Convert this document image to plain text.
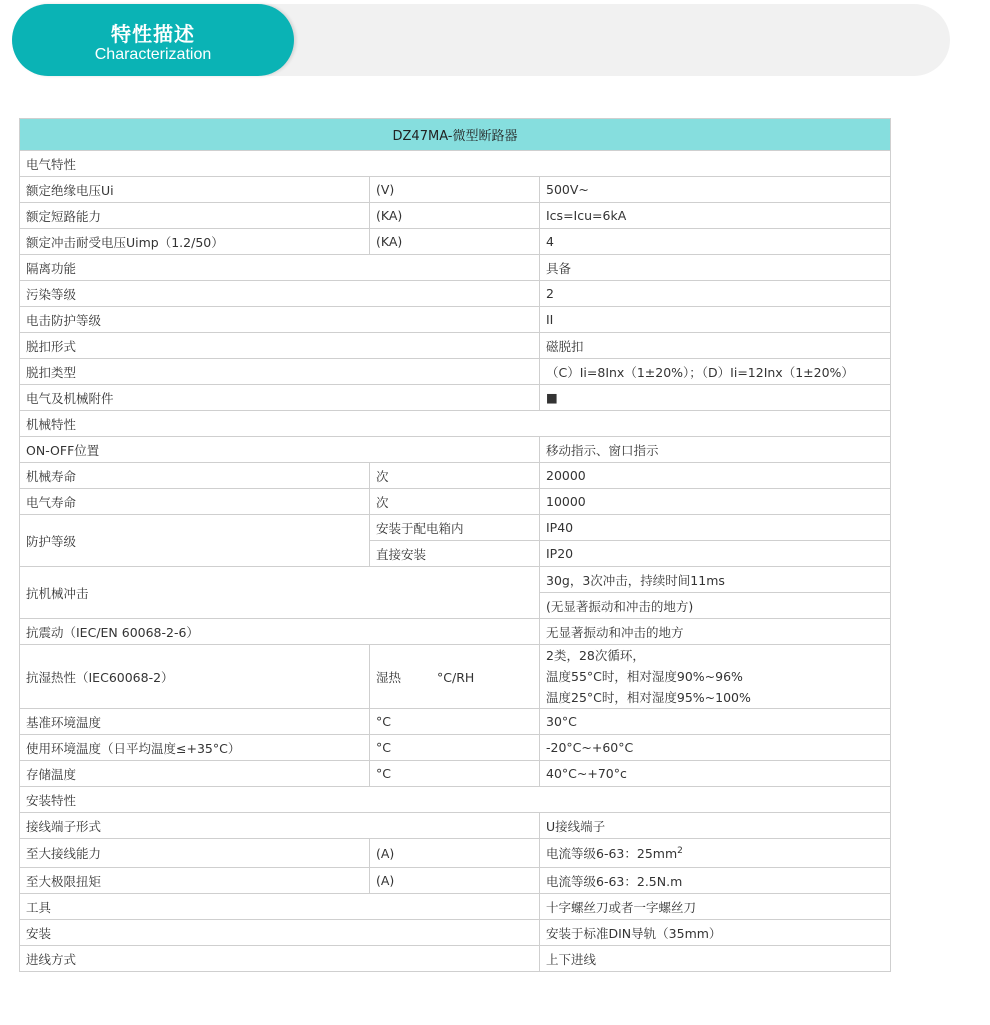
特性描述
Characterization
DZ47MA-微型断路器		
电气特性		
额定绝缘电压Ui	(V)	500V~
额定短路能力	(KA)	Ics=Icu=6kA
额定冲击耐受电压Uimp（1.2/50）	(KA)	4
隔离功能		具备
污染等级		2
电击防护等级		II
脱扣形式		磁脱扣
脱扣类型		（C）Ii=8Inx（1±20%）；（D）Ii=12Inx（1±20%）
电气及机械附件		■
机械特性		
ON-OFF位置		移动指示、窗口指示
机械寿命	次	20000
电气寿命	次	10000
防护等级	安装于配电箱内	IP40
	直接安装	IP20
抗机械冲击		30g，3次冲击，持续时间11ms
		(无显著振动和冲击的地方)
抗震动（IEC/EN 60068-2-6）		无显著振动和冲击的地方
抗湿热性（IEC60068-2）	湿热 °C/RH	2类，28次循环，
温度55°C时，相对湿度90%~96%
温度25°C时，相对湿度95%~100%

基准环境温度	°C	30°C
使用环境温度（日平均温度≤+35°C）	°C	-20°C~+60°C
存储温度	°C	40°C~+70°c
安装特性		
接线端子形式		U接线端子
至大接线能力	(A)	电流等级6-63：$25mm^2$
至大极限扭矩	(A)	电流等级6-63：2.5N.m
工具		十字螺丝刀或者一字螺丝刀
安装		安装于标准DIN导轨（35mm）
进线方式		上下进线
